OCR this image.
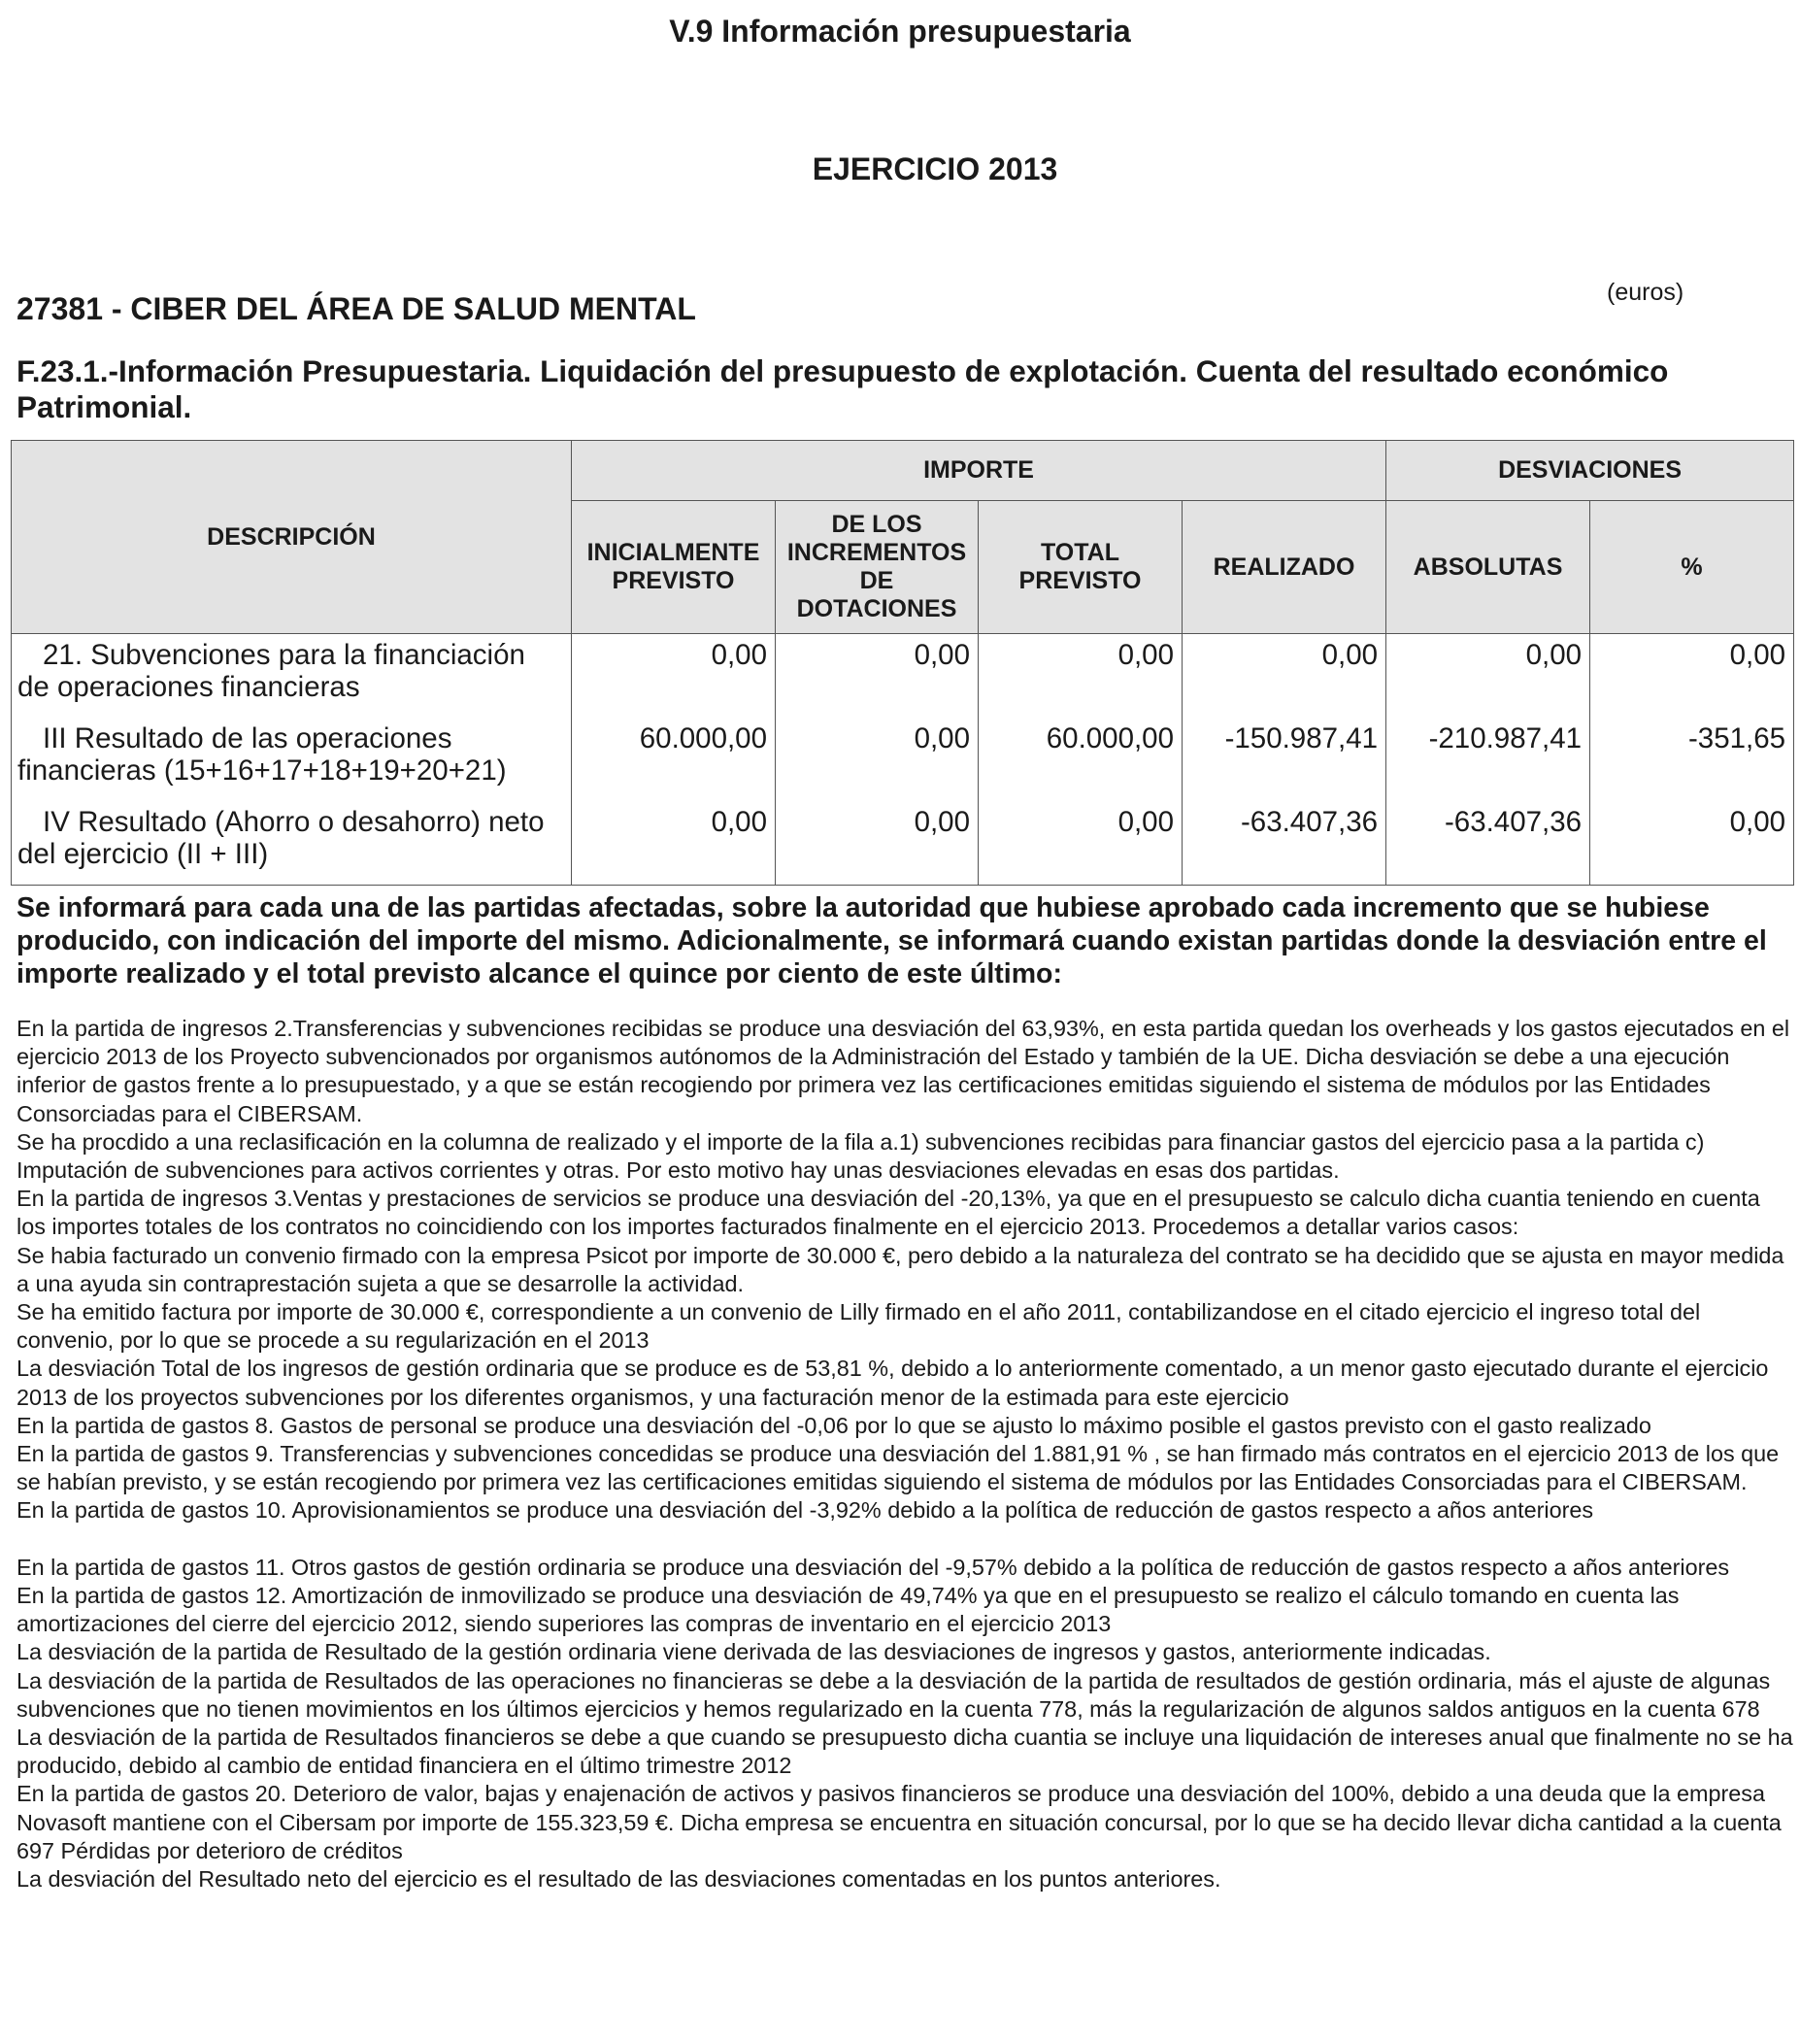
V.9 Información presupuestaria
EJERCICIO 2013
(euros)
27381 - CIBER DEL ÁREA DE SALUD MENTAL
F.23.1.-Información Presupuestaria. Liquidación del presupuesto de explotación. Cuenta del resultado económico Patrimonial.
DESCRIPCIÓN	IMPORTE				DESVIACIONES	
	INICIALMENTE PREVISTO	DE LOS INCREMENTOS DE DOTACIONES	TOTAL PREVISTO	REALIZADO	ABSOLUTAS	%
21. Subvenciones para la financiación de operaciones financieras	0,00	0,00	0,00	0,00	0,00	0,00
III Resultado de las operaciones financieras (15+16+17+18+19+20+21)	60.000,00	0,00	60.000,00	-150.987,41	-210.987,41	-351,65
IV Resultado (Ahorro o desahorro) neto del ejercicio (II + III)	0,00	0,00	0,00	-63.407,36	-63.407,36	0,00
Se informará para cada una de las partidas afectadas, sobre la autoridad que hubiese aprobado cada incremento que se hubiese producido, con indicación del importe del mismo. Adicionalmente, se informará cuando existan partidas donde la desviación entre el importe realizado y el total previsto alcance el quince por ciento de este último:

En la partida de ingresos 2.Transferencias y subvenciones recibidas se produce una desviación del 63,93%, en esta partida quedan los overheads y los gastos ejecutados en el ejercicio 2013 de los Proyecto subvencionados por organismos autónomos de la Administración del Estado y también de la UE. Dicha desviación se debe a una ejecución inferior de gastos frente a lo presupuestado, y a que se están recogiendo por primera vez las certificaciones emitidas siguiendo el sistema de módulos por las Entidades Consorciadas para el CIBERSAM.

Se ha procdido a una reclasificación en la columna de realizado y el importe de la fila a.1) subvenciones recibidas para financiar gastos del ejercicio pasa a la partida c) Imputación de subvenciones para activos corrientes y otras. Por esto motivo hay unas desviaciones elevadas en esas dos partidas.

En la partida de ingresos 3.Ventas y prestaciones de servicios se produce una desviación del -20,13%, ya que en el presupuesto se calculo dicha cuantia teniendo en cuenta los importes totales de los contratos no coincidiendo con los importes facturados finalmente en el ejercicio 2013. Procedemos a detallar varios casos:

Se habia facturado un convenio firmado con la empresa Psicot por importe de 30.000 €, pero debido a la naturaleza del contrato se ha decidido que se ajusta en mayor medida a una ayuda sin contraprestación sujeta a que se desarrolle la actividad.

Se ha emitido factura por importe de 30.000 €, correspondiente a un convenio de Lilly firmado en el año 2011, contabilizandose en el citado ejercicio el ingreso total del convenio, por lo que se procede a su regularización en el 2013

La desviación Total de los ingresos de gestión ordinaria que se produce es de 53,81 %, debido a lo anteriormente comentado, a un menor gasto ejecutado durante el ejercicio 2013 de los proyectos subvenciones por los diferentes organismos, y una facturación menor de la estimada para este ejercicio

En la partida de gastos 8. Gastos de personal se produce una desviación del -0,06 por lo que se ajusto lo máximo posible el gastos previsto con el gasto realizado

En la partida de gastos 9. Transferencias y subvenciones concedidas se produce una desviación del 1.881,91 % , se han firmado más contratos en el ejercicio 2013 de los que se habían previsto, y se están recogiendo por primera vez las certificaciones emitidas siguiendo el sistema de módulos por las Entidades Consorciadas para el CIBERSAM.

En la partida de gastos 10. Aprovisionamientos se produce una desviación del -3,92% debido a la política de reducción de gastos respecto a años anteriores

En la partida de gastos 11. Otros gastos de gestión ordinaria se produce una desviación del -9,57% debido a la política de reducción de gastos respecto a años anteriores

En la partida de gastos 12. Amortización de inmovilizado se produce una desviación de 49,74% ya que en el presupuesto se realizo el cálculo tomando en cuenta las amortizaciones del cierre del ejercicio 2012, siendo superiores las compras de inventario en el ejercicio 2013

La desviación de la partida de Resultado de la gestión ordinaria viene derivada de las desviaciones de ingresos y gastos, anteriormente indicadas.

La desviación de la partida de Resultados de las operaciones no financieras se debe a la desviación de la partida de resultados de gestión ordinaria, más el ajuste de algunas subvenciones que no tienen movimientos en los últimos ejercicios y hemos regularizado en la cuenta 778, más la regularización de algunos saldos antiguos en la cuenta 678

La desviación de la partida de Resultados financieros se debe a que cuando se presupuesto dicha cuantia se incluye una liquidación de intereses anual que finalmente no se ha producido, debido al cambio de entidad financiera en el último trimestre 2012

En la partida de gastos 20. Deterioro de valor, bajas y enajenación de activos y pasivos financieros se produce una desviación del 100%, debido a una deuda que la empresa Novasoft mantiene con el Cibersam por importe de 155.323,59 €. Dicha empresa se encuentra en situación concursal, por lo que se ha decido llevar dicha cantidad a la cuenta 697 Pérdidas por deterioro de créditos

La desviación del Resultado neto del ejercicio es el resultado de las desviaciones comentadas en los puntos anteriores.
